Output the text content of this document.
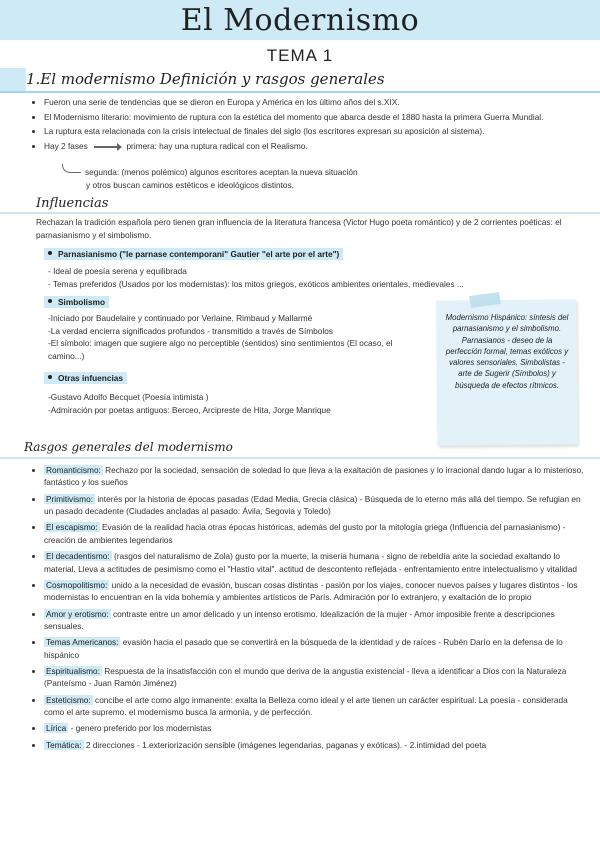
El Modernismo
TEMA 1
1.El modernismo Definición y rasgos generales
• Fueron una serie de tendencias que se dieron en Europa y América en los último años del s.XIX.
• El Modernismo literario: movimiento de ruptura con la estética del momento que abarca desde el 1880 hasta la primera Guerra Mundial.
• La ruptura esta relacionada con la crisis intelectual de finales del siglo (los escritores expresan su aposición al sistema).
• Hay 2 fases	primera: hay una ruptura radical con el Realismo.
segunda: (menos polémico) algunos escritores aceptan la nueva situación
y otros buscan caminos estéticos e ideológicos distintos.
Influencias
Rechazan la tradición española pero tienen gran influencia de la literatura francesa (Victor Hugo poeta romántico) y de 2 corrientes poéticas: el parnasianismo y el simbolismo.
Parnasianismo ("le parnase contemporani" Gautier "el arte por el arte")
- Ideal de poesía serena y equilibrada
- Temas preferidos (Usados por los modernistas): los mitos griegos, exóticos ambientes orientales, medievales ...
Simbolismo
-Iniciado por Baudelaire y continuado por Verlaine, Rimbaud y Mallarmé
-La verdad encierra significados profundos - transmitido a través de Símbolos
-El símbolo: imagen que sugiere algo no perceptible (sentidos) sino sentimientos (El ocaso, el camino...)
Otras infuencias
-Gustavo Adolfo Becquet (Poesía intimista )
-Admiración por poetas antiguos: Berceo, Arcipreste de Hita, Jorge Manrique
Modernismo Hispánico: síntesis del parnasianismo y el simbolismo. Parnasianos - deseo de la perfección formal, temas exóticos y valores sensoriales. Simbolistas - arte de Sugerir (Símbolos) y búsqueda de efectos rítmicos.
Rasgos generales del modernismo
• Romanticismo: Rechazo por la sociedad, sensación de soledad lo que lleva a la exaltación de pasiones y lo irracional dando lugar a lo misterioso, fantástico y los sueños
• Primitivismo: interés por la historia de épocas pasadas (Edad Media, Grecia clásica) - Búsqueda de lo eterno más allá del tiempo. Se refugian en un pasado decadente (Ciudades ancladas al pasado: Ávila, Segovia y Toledo)
• El escapismo: Evasión de la realidad hacia otras épocas históricas, además del gusto por la mitología griega (Influencia del parnasianismo) - creación de ambientes legendarios
• El decadentismo: (rasgos del naturalismo de Zola) gusto por la muerte, la miseria humana - signo de rebeldía ante la sociedad exaltando lo material. Lleva a actitudes de pesimismo como el "Hastío vital". actitud de descontento reflejada - enfrentamiento entre intelectualismo y vitalidad
• Cosmopolitismo: unido a la necesidad de evasión, buscan cosas distintas - pasión por los viajes, conocer nuevos países y lugares distintos - los modernistas lo encuentran en la vida bohemia y ambientes artísticos de París. Admiración por lo extranjero, y exaltación de lo propio
• Amor y erotismo: contraste entre un amor delicado y un intenso erotismo. Idealización de la mujer - Amor imposible frente a descripciones sensuales.
• Temas Americanos: evasión hacia el pasado que se convertirá en la búsqueda de la identidad y de raíces - Rubén Darío en la defensa de lo hispánico
• Espiritualismo: Respuesta de la insatisfacción con el mundo que deriva de la angustia existencial - lleva a identificar a Dios con la Naturaleza (Panteísmo - Juan Ramón Jiménez)
• Esteticismo: concibe el arte como algo inmanente: exalta la Belleza como ideal y el arte tienen un carácter espiritual. La poesía - considerada como el arte supremo. el modernismo busca la armonía, y de perfección.
• Lírica - genero preferido por los modernistas
• Temática: 2 direcciones - 1.exteriorización sensible (imágenes legendarias, paganas y exóticas). - 2.intimidad del poeta
